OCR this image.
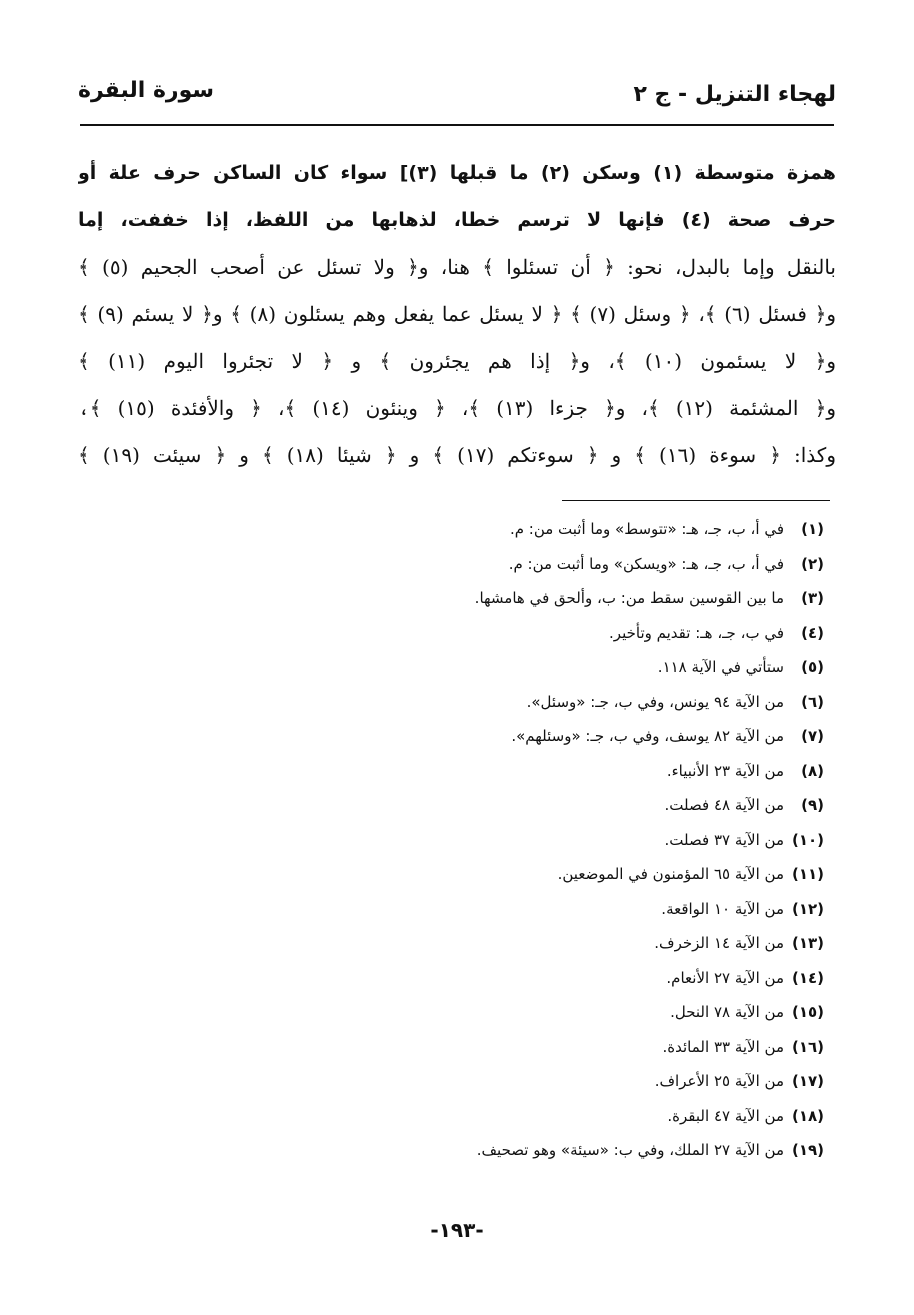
لهجاء التنزيل - ج ٢
سورة البقرة
همزة متوسطة (١) وسكن (٢) ما قبلها (٣)] سواء كان الساكن حرف علة أو
حرف صحة (٤) فإنها لا ترسم خطا، لذهابها من اللفظ، إذا خففت، إما
بالنقل وإما بالبدل، نحو: ﴿ أن تسئلوا ﴾ هنا، و﴿ ولا تسئل عن أصحب الجحيم (٥) ﴾
و﴿ فسئل (٦) ﴾، ﴿ وسئل (٧) ﴾ ﴿ لا يسئل عما يفعل وهم يسئلون (٨) ﴾ و﴿ لا يسئم (٩) ﴾
و﴿ لا يسئمون (١٠) ﴾، و﴿ إذا هم يجئرون ﴾ و ﴿ لا تجئروا اليوم (١١) ﴾
و﴿ المشئمة (١٢) ﴾، و﴿ جزءا (١٣) ﴾، ﴿ وينئون (١٤) ﴾، ﴿ والأفئدة (١٥) ﴾،
وكذا: ﴿ سوءة (١٦) ﴾ و ﴿ سوءتكم (١٧) ﴾ و ﴿ شيئا (١٨) ﴾ و ﴿ سيئت (١٩) ﴾
(١)في أ، ب، جـ، هـ: «تتوسط» وما أثبت من: م.
(٢)في أ، ب، جـ، هـ: «ويسكن» وما أثبت من: م.
(٣)ما بين القوسين سقط من: ب، وألحق في هامشها.
(٤)في ب، جـ، هـ: تقديم وتأخير.
(٥)ستأتي في الآية ١١٨.
(٦)من الآية ٩٤ يونس، وفي ب، جـ: «وسئل».
(٧)من الآية ٨٢ يوسف، وفي ب، جـ: «وسئلهم».
(٨)من الآية ٢٣ الأنبياء.
(٩)من الآية ٤٨ فصلت.
(١٠)من الآية ٣٧ فصلت.
(١١)من الآية ٦٥ المؤمنون في الموضعين.
(١٢)من الآية ١٠ الواقعة.
(١٣)من الآية ١٤ الزخرف.
(١٤)من الآية ٢٧ الأنعام.
(١٥)من الآية ٧٨ النحل.
(١٦)من الآية ٣٣ المائدة.
(١٧)من الآية ٢٥ الأعراف.
(١٨)من الآية ٤٧ البقرة.
(١٩)من الآية ٢٧ الملك، وفي ب: «سيئة» وهو تصحيف.
-١٩٣-
